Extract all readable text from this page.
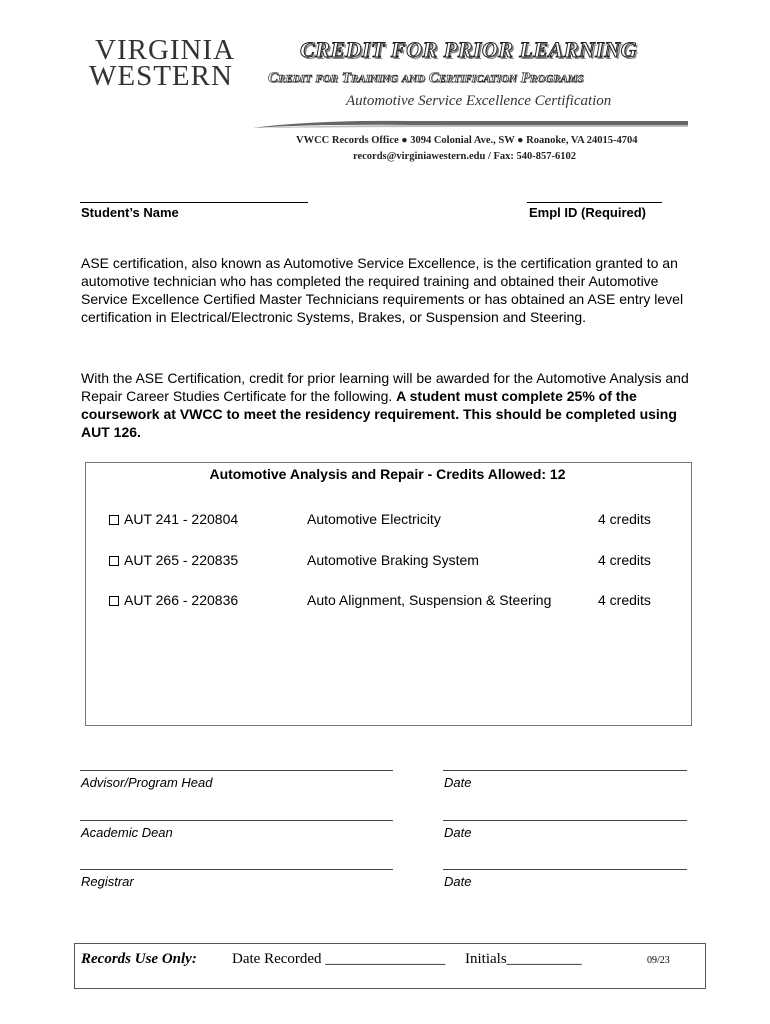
VIRGINIA
WESTERN
CREDIT FOR PRIOR LEARNING
Credit for Training and Certification Programs
Automotive Service Excellence Certification
VWCC Records Office ● 3094 Colonial Ave., SW ● Roanoke, VA 24015-4704
records@virginiawestern.edu / Fax: 540-857-6102
Student’s Name	Empl ID (Required)
ASE certification, also known as Automotive Service Excellence, is the certification granted to an automotive technician who has completed the required training and obtained their Automotive Service Excellence Certified Master Technicians requirements or has obtained an ASE entry level certification in Electrical/Electronic Systems, Brakes, or Suspension and Steering.
With the ASE Certification, credit for prior learning will be awarded for the Automotive Analysis and Repair Career Studies Certificate for the following. A student must complete 25% of the coursework at VWCC to meet the residency requirement. This should be completed using AUT 126.
Automotive Analysis and Repair - Credits Allowed: 12
AUT 241 - 220804	Automotive Electricity	4 credits
AUT 265 - 220835	Automotive Braking System	4 credits
AUT 266 - 220836	Auto Alignment, Suspension & Steering	4 credits
Advisor/Program Head	Date
Academic Dean	Date
Registrar	Date
Records Use Only: Date Recorded ________________ Initials__________	09/23
